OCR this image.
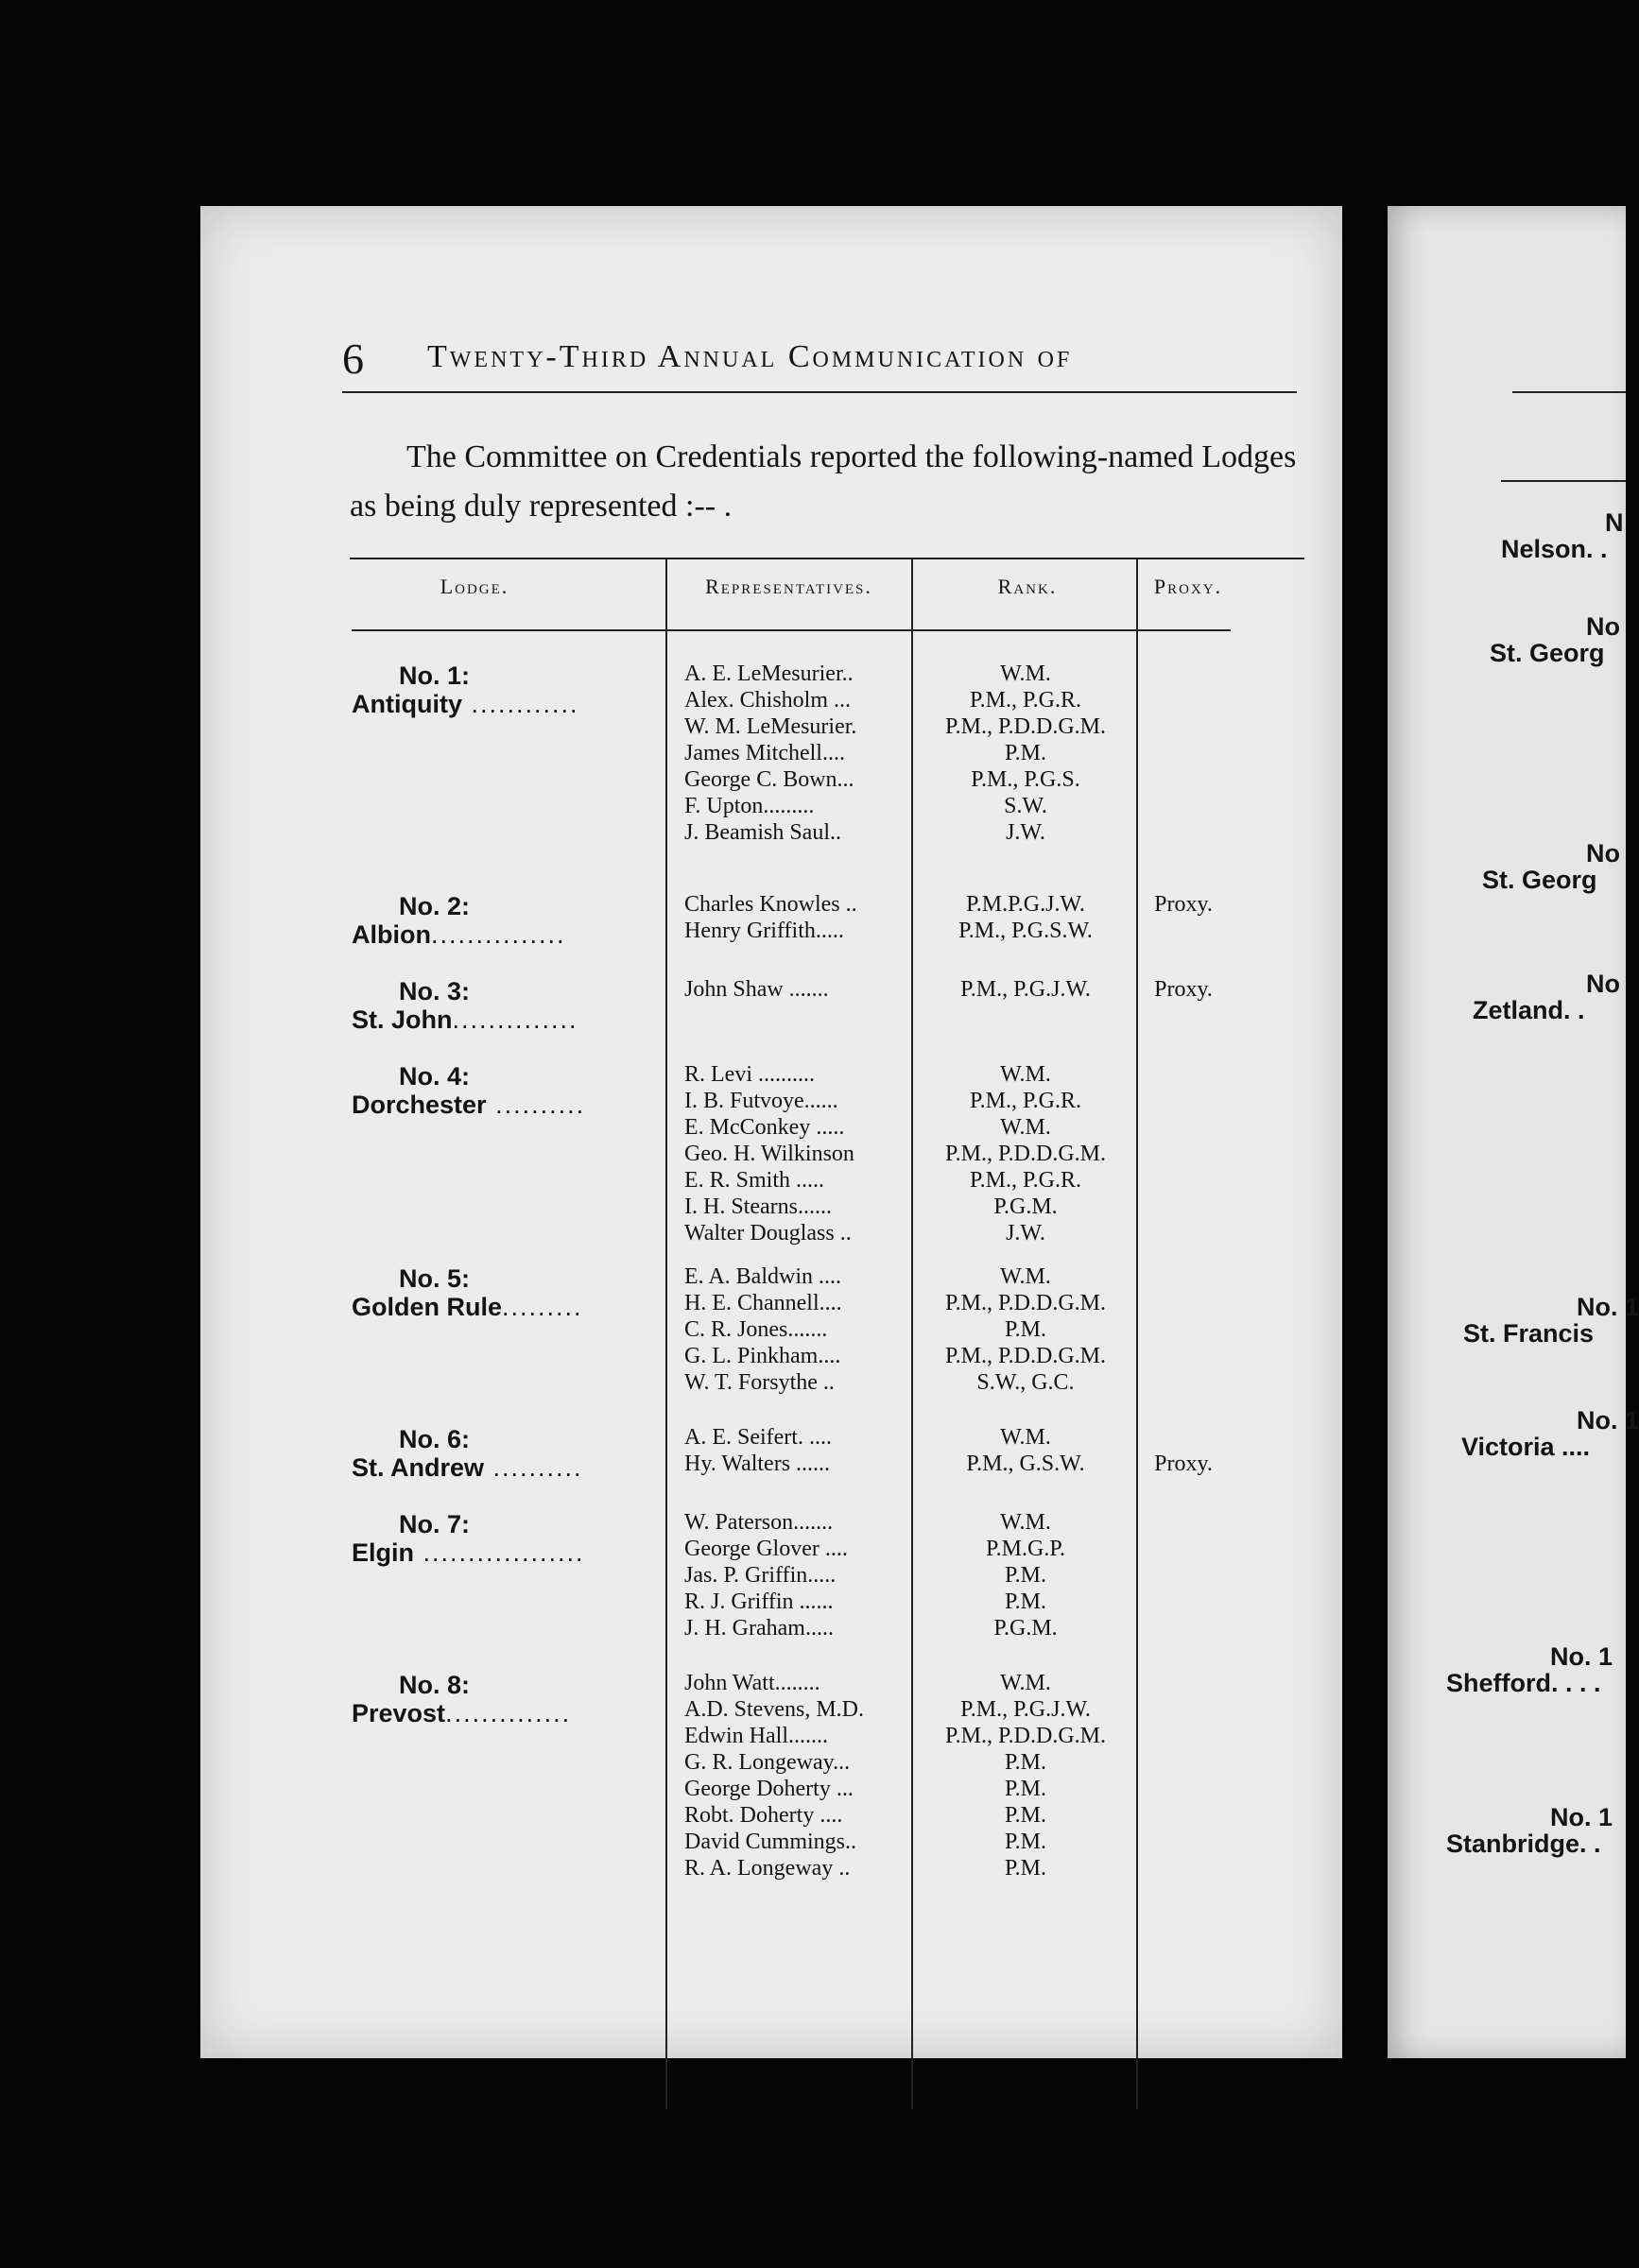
6 Twenty-Third Annual Communication of
The Committee on Credentials reported the following-named Lodges as being duly represented :-- .
Lodge.	Representatives.	Rank.	Proxy.
No. 1:
Antiquity ............
A. E. LeMesurier..	W.M.
Alex. Chisholm ...	P.M., P.G.R.
W. M. LeMesurier.	P.M., P.D.D.G.M.
James Mitchell....	P.M.
George C. Bown...	P.M., P.G.S.
F. Upton.........	S.W.
J. Beamish Saul..	J.W.
No. 2:
Albion...............
Charles Knowles ..	P.M.P.G.J.W.	Proxy.
Henry Griffith.....	P.M., P.G.S.W.
No. 3:
St. John..............
John Shaw .......	P.M., P.G.J.W.	Proxy.
No. 4:
Dorchester ..........
R. Levi ..........	W.M.
I. B. Futvoye......	P.M., P.G.R.
E. McConkey .....	W.M.
Geo. H. Wilkinson	P.M., P.D.D.G.M.
E. R. Smith .....	P.M., P.G.R.
I. H. Stearns......	P.G.M.
Walter Douglass ..	J.W.
No. 5:
Golden Rule.........
E. A. Baldwin ....	W.M.
H. E. Channell....	P.M., P.D.D.G.M.
C. R. Jones.......	P.M.
G. L. Pinkham....	P.M., P.D.D.G.M.
W. T. Forsythe ..	S.W., G.C.
No. 6:
St. Andrew ..........
A. E. Seifert. ....	W.M.
Hy. Walters ......	P.M., G.S.W.	Proxy.
No. 7:
Elgin ..................
W. Paterson.......	W.M.
George Glover ....	P.M.G.P.
Jas. P. Griffin.....	P.M.
R. J. Griffin ......	P.M.
J. H. Graham.....	P.G.M.
No. 8:
Prevost..............
John Watt........	W.M.
A.D. Stevens, M.D.	P.M., P.G.J.W.
Edwin Hall.......	P.M., P.D.D.G.M.
G. R. Longeway...	P.M.
George Doherty ...	P.M.
Robt. Doherty ....	P.M.
David Cummings..	P.M.
R. A. Longeway ..	P.M.
N
Nelson. .
No
St. Georg
No
St. Georg
No
Zetland. .
No. 1
St. Francis
No. 1
Victoria ....
No. 1
Shefford. . . .
No. 1
Stanbridge. .
